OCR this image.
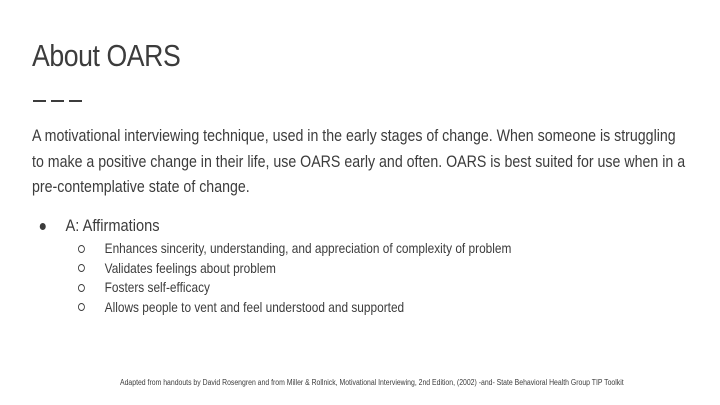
About OARS
A motivational interviewing technique, used in the early stages of change. When someone is struggling to make a positive change in their life, use OARS early and often. OARS is best suited for use when in a pre-contemplative state of change.
A: Affirmations
Enhances sincerity, understanding, and appreciation of complexity of problem
Validates feelings about problem
Fosters self-efficacy
Allows people to vent and feel understood and supported
Adapted from handouts by David Rosengren and from Miller & Rollnick, Motivational Interviewing, 2nd Edition, (2002) -and- State Behavioral Health Group TIP Toolkit
